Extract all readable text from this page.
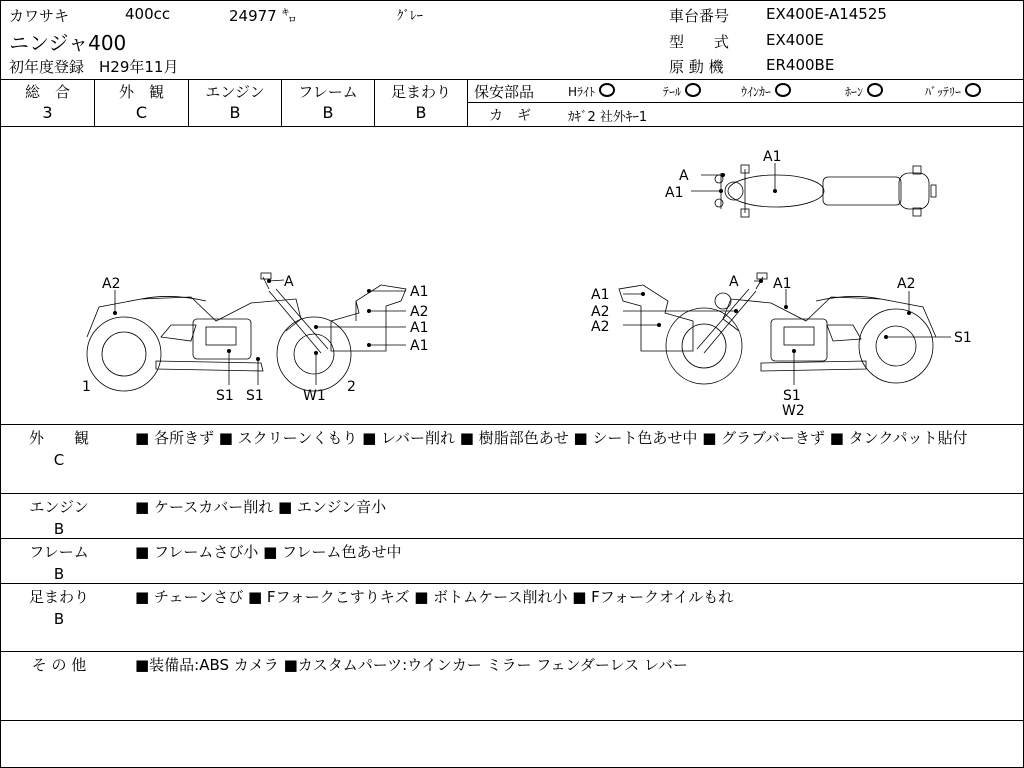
カワサキ	400cc	24977 ㌔	ｸﾞﾚｰ
ニンジャ400
初年度登録 H29年11月
車台番号 EX400E-A14525
型　　式 EX400E
原 動 機	ER400BE
総　合
3
外　観
C
エンジン
B
フレーム
B
足まわり
B
保安部品	Hﾗｲﾄ	ﾃｰﾙ	ｳｲﾝｶｰ	ﾎｰﾝ	ﾊﾞｯﾃﾘｰ
カ　ギ	ｶｷﾞ2 社外ｷｰ1
A
A1
A1
A2	A
A1
A2
A1
A1
S1 S1	W1
1	2
A A1	A2
A1
A2
A2
S1
S1
W2
外　　観
C
■ 各所きず ■ スクリーンくもり ■ レバー削れ ■ 樹脂部色あせ ■ シート色あせ中 ■ グラブバーきず ■ タンクパット貼付
エンジン
B
■ ケースカバー削れ ■ エンジン音小
フレーム
B
■ フレームさび小 ■ フレーム色あせ中
足まわり
B
■ チェーンさび ■ Fフォークこすりキズ ■ ボトムケース削れ小 ■ Fフォークオイルもれ
そ の 他	■装備品:ABS カメラ ■カスタムパーツ:ウインカー ミラー フェンダーレス レバー
